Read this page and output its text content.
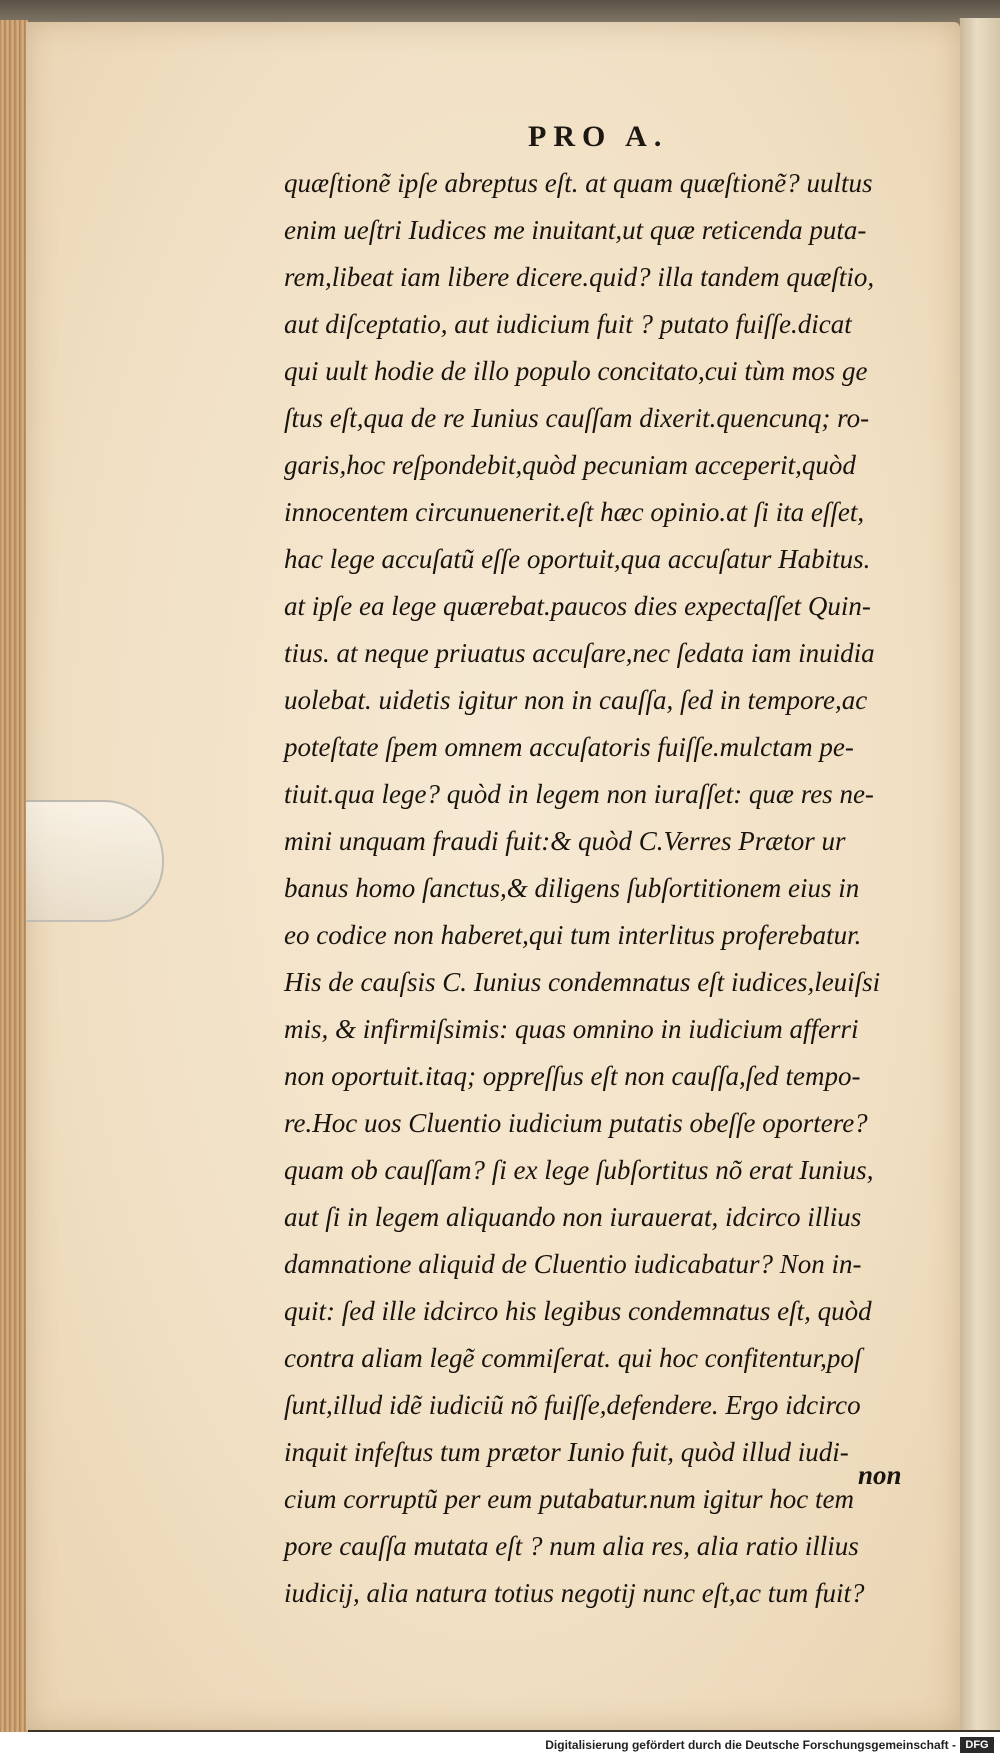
PRO A.
quæſtionẽ ipſe abreptus eſt. at quam quæſtionẽ? uultus
enim ueſtri Iudices me inuitant,ut quæ reticenda puta-
rem,libeat iam libere dicere.quid? illa tandem quæſtio,
aut diſceptatio, aut iudicium fuit ? putato fuiſſe.dicat
qui uult hodie de illo populo concitato,cui tùm mos ge
ſtus eſt,qua de re Iunius cauſſam dixerit.quencunq; ro-
garis,hoc reſpondebit,quòd pecuniam acceperit,quòd
innocentem circunuenerit.eſt hæc opinio.at ſi ita eſſet,
hac lege accuſatũ eſſe oportuit,qua accuſatur Habitus.
at ipſe ea lege quærebat.paucos dies expectaſſet Quin-
tius. at neque priuatus accuſare,nec ſedata iam inuidia
uolebat. uidetis igitur non in cauſſa, ſed in tempore,ac
poteſtate ſpem omnem accuſatoris fuiſſe.mulctam pe-
tiuit.qua lege? quòd in legem non iuraſſet: quæ res ne-
mini unquam fraudi fuit:& quòd C.Verres Prætor ur
banus homo ſanctus,& diligens ſubſortitionem eius in
eo codice non haberet,qui tum interlitus proferebatur.
His de cauſsis C. Iunius condemnatus eſt iudices,leuiſsi
mis, & infirmiſsimis: quas omnino in iudicium afferri
non oportuit.itaq; oppreſſus eſt non cauſſa,ſed tempo-
re.Hoc uos Cluentio iudicium putatis obeſſe oportere?
quam ob cauſſam? ſi ex lege ſubſortitus nõ erat Iunius,
aut ſi in legem aliquando non iurauerat, idcirco illius
damnatione aliquid de Cluentio iudicabatur? Non in-
quit: ſed ille idcirco his legibus condemnatus eſt, quòd
contra aliam legẽ commiſerat. qui hoc confitentur,poſ
ſunt,illud idẽ iudiciũ nõ fuiſſe,defendere. Ergo idcirco
inquit infeſtus tum prætor Iunio fuit, quòd illud iudi-
cium corruptũ per eum putabatur.num igitur hoc tem
pore cauſſa mutata eſt ? num alia res, alia ratio illius
iudicij, alia natura totius negotij nunc eſt,ac tum fuit?
non
Digitalisierung gefördert durch die Deutsche Forschungsgemeinschaft - DFG
